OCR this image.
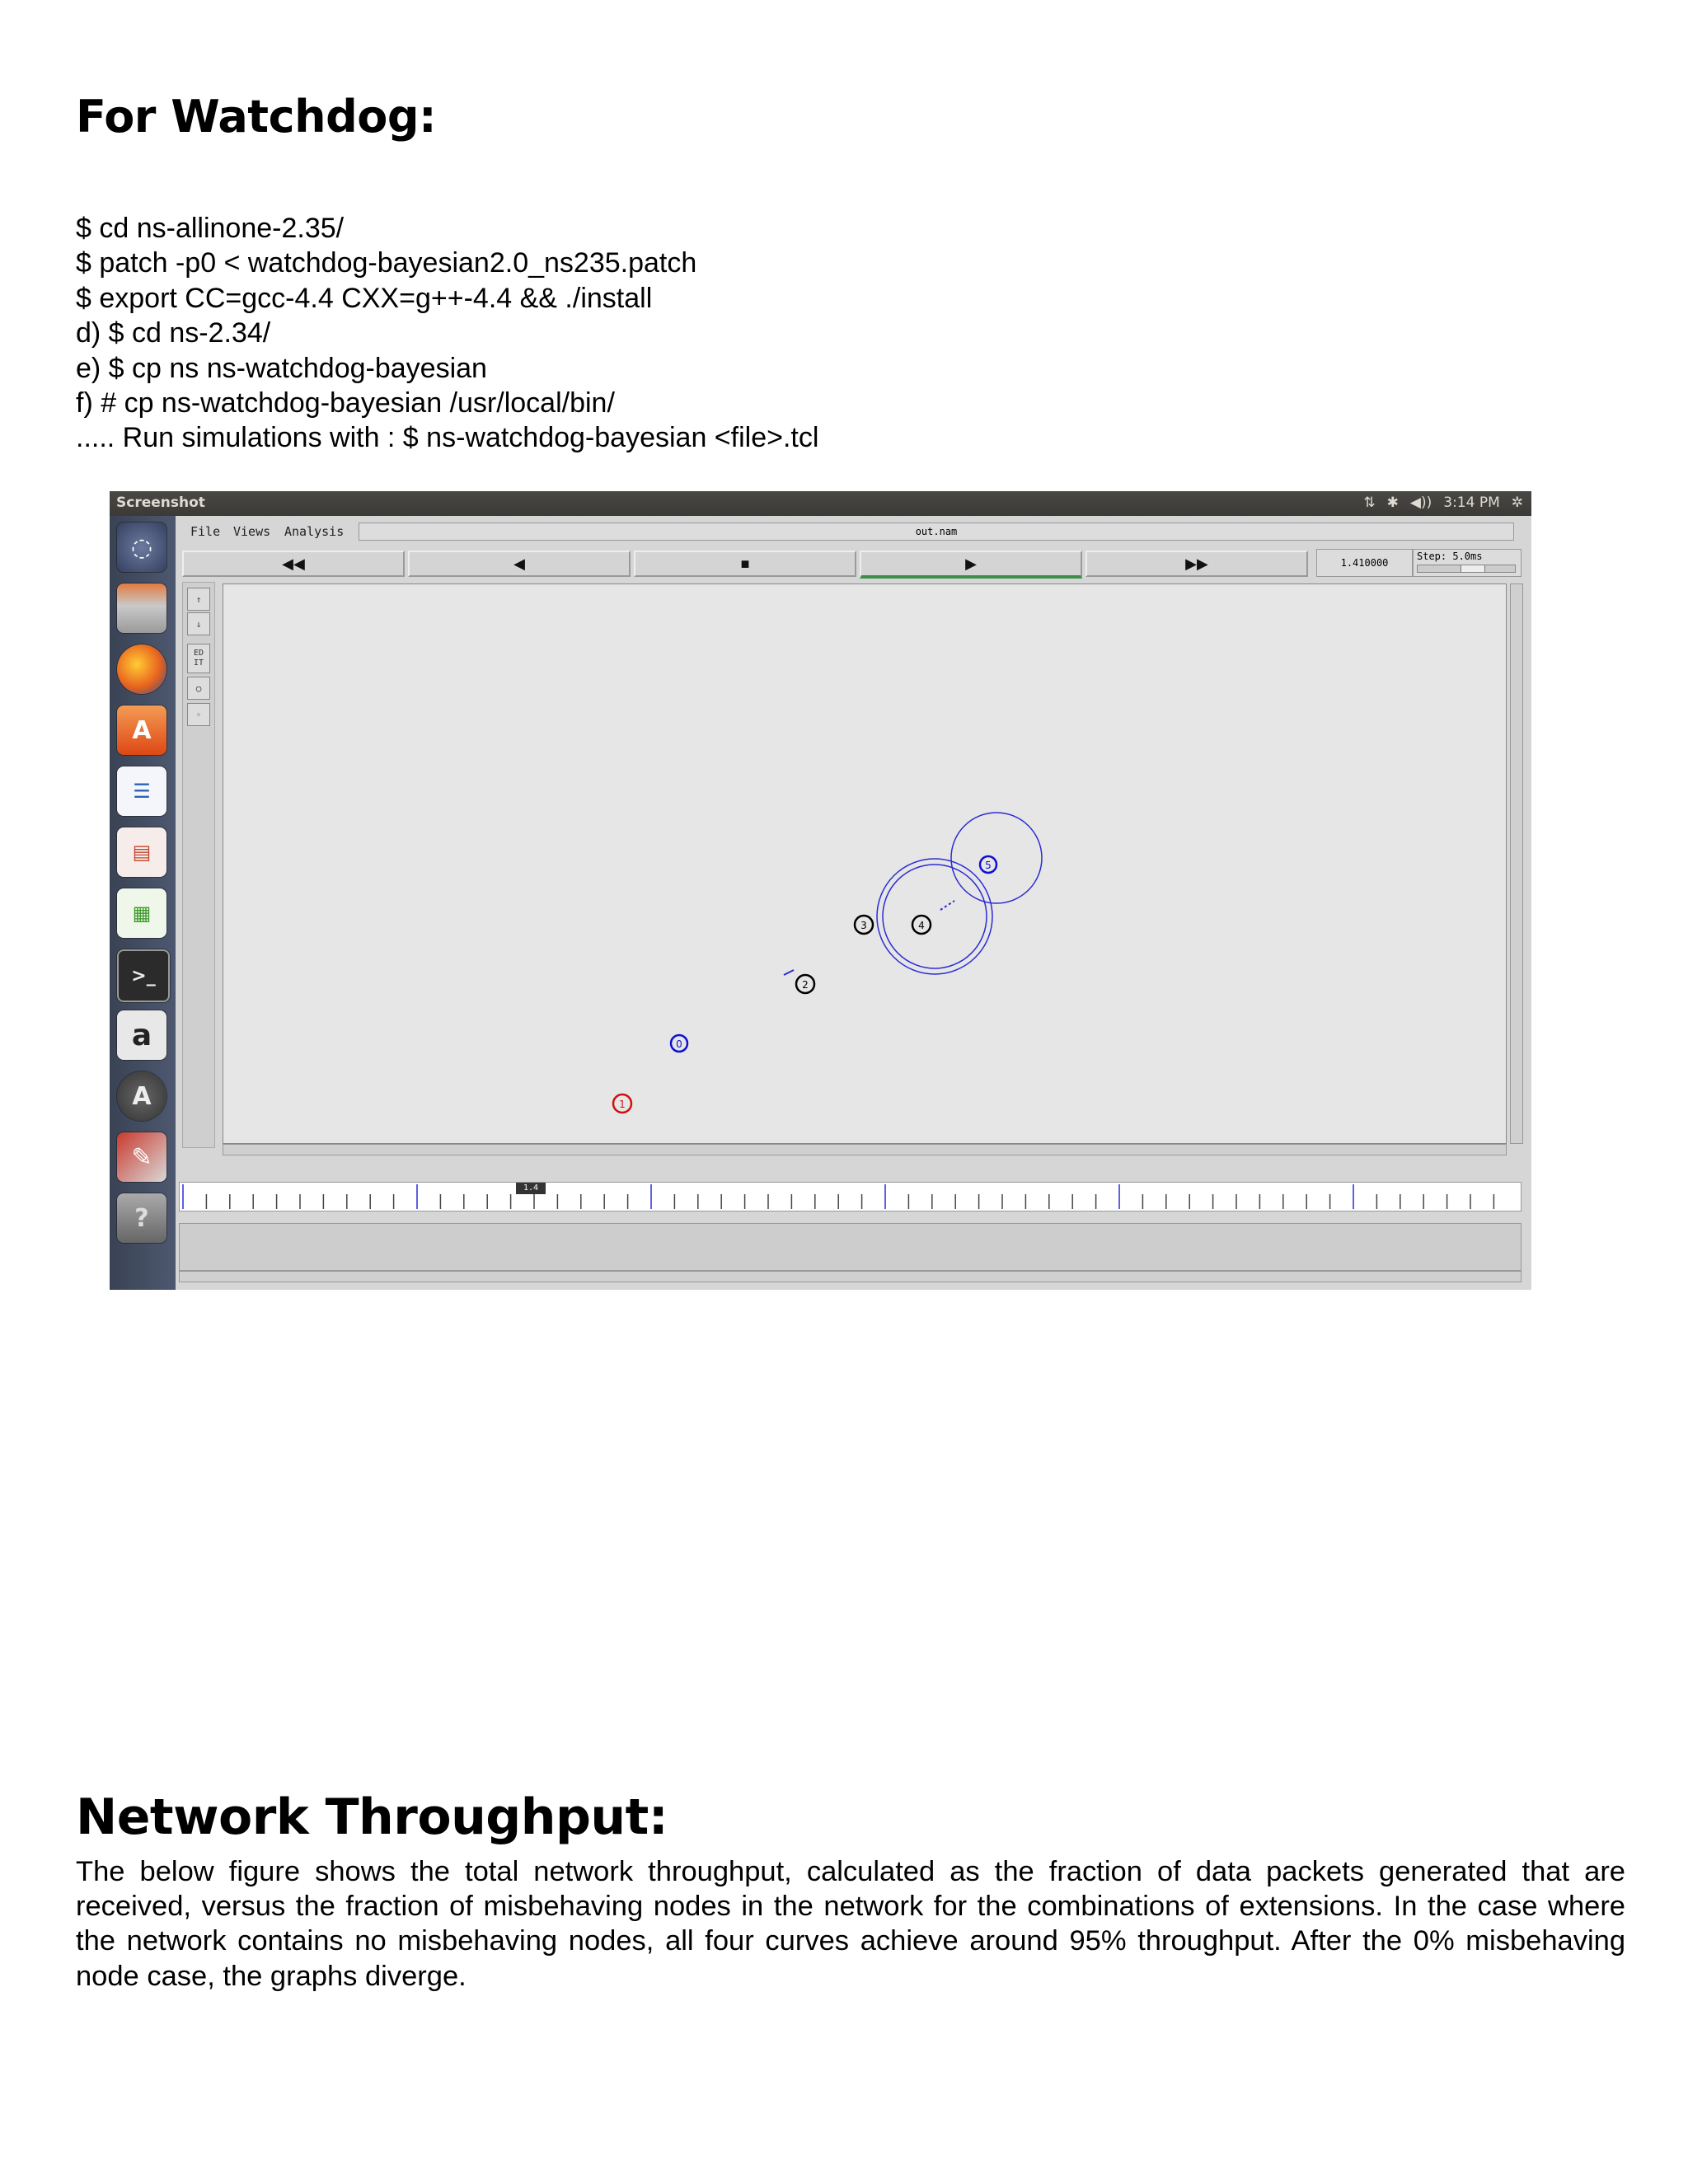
For Watchdog:
$ cd ns-allinone-2.35/
$ patch -p0 < watchdog-bayesian2.0_ns235.patch
$ export CC=gcc-4.4 CXX=g++-4.4 && ./install
d) $ cd ns-2.34/
e) $ cp ns ns-watchdog-bayesian
f) # cp ns-watchdog-bayesian /usr/local/bin/
..... Run simulations with : $ ns-watchdog-bayesian <file>.tcl
Screenshot	⇅ ✱ ◀)) 3:14 PM ✲
◌
A
☰
▤
▦
>_
a
A
✎
?
File Views Analysis	out.nam
◀◀	◀	■	▶	▶▶	1.410000
Step: 5.0ms
⇑
⇓
ED IT
○
◦
0
1
2
3	4
5
1.4
Network Throughput:

The below figure shows the total network throughput, calculated as the fraction of data packets generated that are received, versus the fraction of misbehaving nodes in the network for the combinations of extensions. In the case where the network contains no misbehaving nodes, all four curves achieve around 95% throughput. After the 0% misbehaving node case, the graphs diverge.
